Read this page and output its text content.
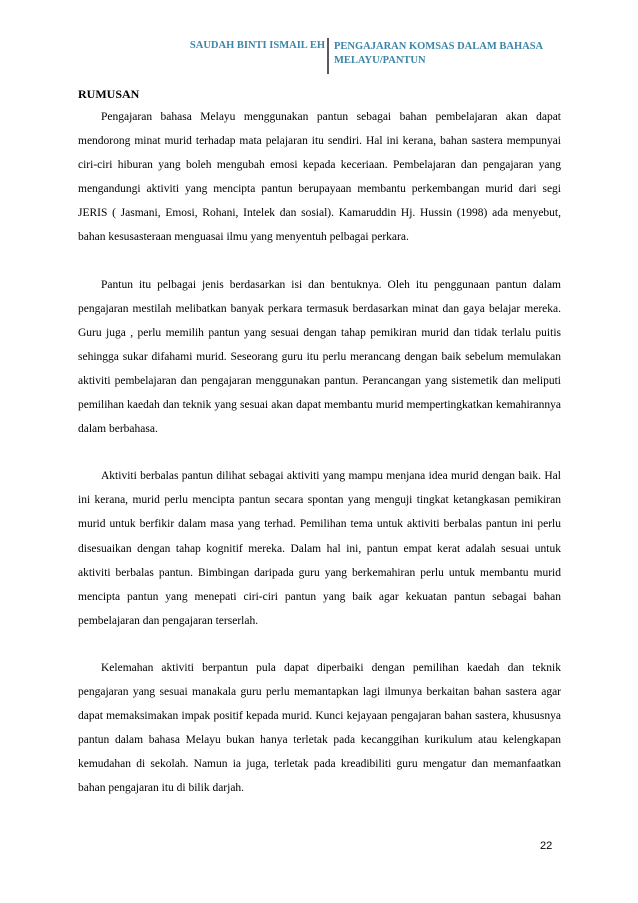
SAUDAH BINTI ISMAIL EH PENGAJARAN KOMSAS DALAM BAHASA MELAYU/PANTUN
RUMUSAN

Pengajaran bahasa Melayu menggunakan pantun sebagai bahan pembelajaran akan dapat mendorong minat murid terhadap mata pelajaran itu sendiri. Hal ini kerana, bahan sastera mempunyai ciri-ciri hiburan yang boleh mengubah emosi kepada keceriaan. Pembelajaran dan pengajaran yang mengandungi aktiviti yang mencipta pantun berupayaan membantu perkembangan murid dari segi JERIS ( Jasmani, Emosi, Rohani, Intelek dan sosial). Kamaruddin Hj. Hussin (1998) ada menyebut, bahan kesusasteraan menguasai ilmu yang menyentuh pelbagai perkara.

Pantun itu pelbagai jenis berdasarkan isi dan bentuknya. Oleh itu penggunaan pantun dalam pengajaran mestilah melibatkan banyak perkara termasuk berdasarkan minat dan gaya belajar mereka. Guru juga , perlu memilih pantun yang sesuai dengan tahap pemikiran murid dan tidak terlalu puitis sehingga sukar difahami murid. Seseorang guru itu perlu merancang dengan baik sebelum memulakan aktiviti pembelajaran dan pengajaran menggunakan pantun. Perancangan yang sistemetik dan meliputi pemilihan kaedah dan teknik yang sesuai akan dapat membantu murid mempertingkatkan kemahirannya dalam berbahasa.

Aktiviti berbalas pantun dilihat sebagai aktiviti yang mampu menjana idea murid dengan baik. Hal ini kerana, murid perlu mencipta pantun secara spontan yang menguji tingkat ketangkasan pemikiran murid untuk berfikir dalam masa yang terhad. Pemilihan tema untuk aktiviti berbalas pantun ini perlu disesuaikan dengan tahap kognitif mereka. Dalam hal ini, pantun empat kerat adalah sesuai untuk aktiviti berbalas pantun. Bimbingan daripada guru yang berkemahiran perlu untuk membantu murid mencipta pantun yang menepati ciri-ciri pantun yang baik agar kekuatan pantun sebagai bahan pembelajaran dan pengajaran terserlah.

Kelemahan aktiviti berpantun pula dapat diperbaiki dengan pemilihan kaedah dan teknik pengajaran yang sesuai manakala guru perlu memantapkan lagi ilmunya berkaitan bahan sastera agar dapat memaksimakan impak positif kepada murid. Kunci kejayaan pengajaran bahan sastera, khususnya pantun dalam bahasa Melayu bukan hanya terletak pada kecanggihan kurikulum atau kelengkapan kemudahan di sekolah. Namun ia juga, terletak pada kreadibiliti guru mengatur dan memanfaatkan bahan pengajaran itu di bilik darjah.

22
